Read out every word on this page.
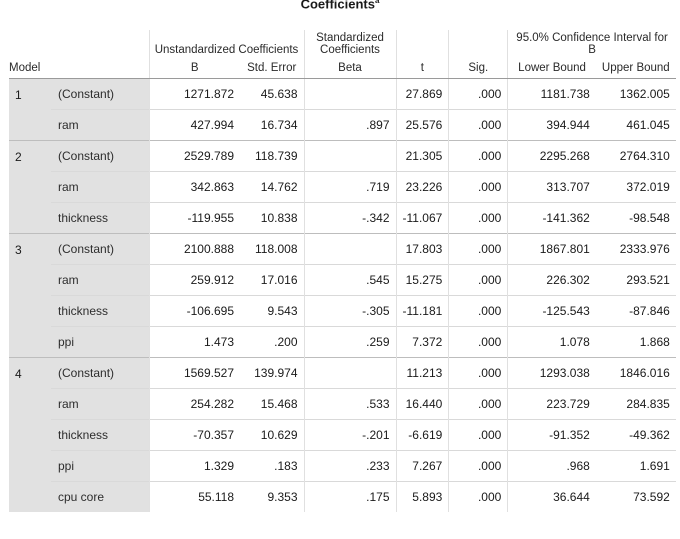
Coefficients$^a$
		Unstandardized Coefficients		Standardized Coefficients			95.0% Confidence Interval for B	
Model		B	Std. Error	Beta	t	Sig.	Lower Bound	Upper Bound
1	(Constant)	1271.872	45.638		27.869	.000	1181.738	1362.005
	ram	427.994	16.734	.897	25.576	.000	394.944	461.045
2	(Constant)	2529.789	118.739		21.305	.000	2295.268	2764.310
	ram	342.863	14.762	.719	23.226	.000	313.707	372.019
	thickness	-119.955	10.838	-.342	-11.067	.000	-141.362	-98.548
3	(Constant)	2100.888	118.008		17.803	.000	1867.801	2333.976
	ram	259.912	17.016	.545	15.275	.000	226.302	293.521
	thickness	-106.695	9.543	-.305	-11.181	.000	-125.543	-87.846
	ppi	1.473	.200	.259	7.372	.000	1.078	1.868
4	(Constant)	1569.527	139.974		11.213	.000	1293.038	1846.016
	ram	254.282	15.468	.533	16.440	.000	223.729	284.835
	thickness	-70.357	10.629	-.201	-6.619	.000	-91.352	-49.362
	ppi	1.329	.183	.233	7.267	.000	.968	1.691
	cpu core	55.118	9.353	.175	5.893	.000	36.644	73.592
